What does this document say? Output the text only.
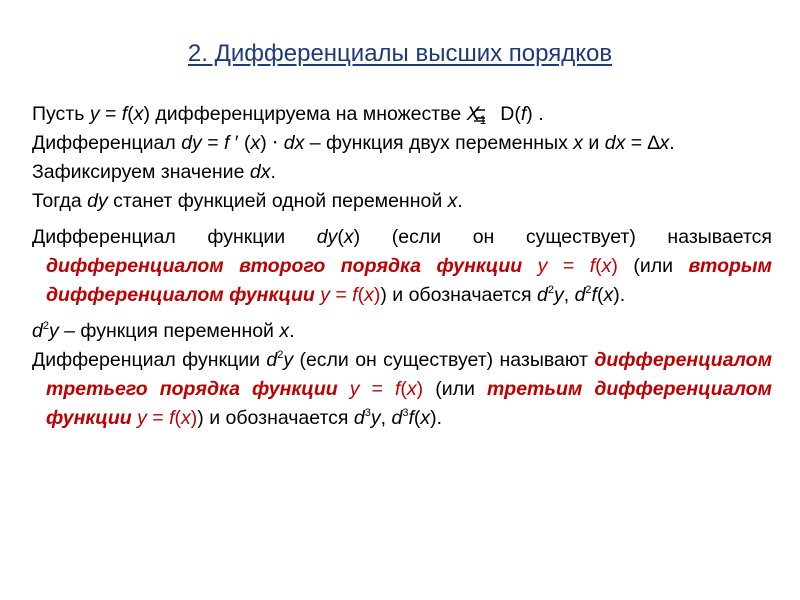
2. Дифференциалы высших порядков

Пусть y = f(x) дифференцируема на множестве $X_1$ D(f) .

Дифференциал dy = f ′ (x) ⋅ dx – функция двух переменных x и dx = ∆x.

Зафиксируем значение dx.

Тогда dy станет функцией одной переменной x.

Дифференциал функции dy(x) (если он существует) называется дифференциалом второго порядка функции y = f(x) (или вторым дифференциалом функции y = f(x)) и обозначается $d^2y$, $d^2f(x)$.

$d^2y$ – функция переменной x.

Дифференциал функции $d^2y$ (если он существует) называют дифференциалом третьего порядка функции y = f(x) (или третьим дифференциалом функции y = f(x)) и обозначается $d^3y$, $d^3f(x)$.
